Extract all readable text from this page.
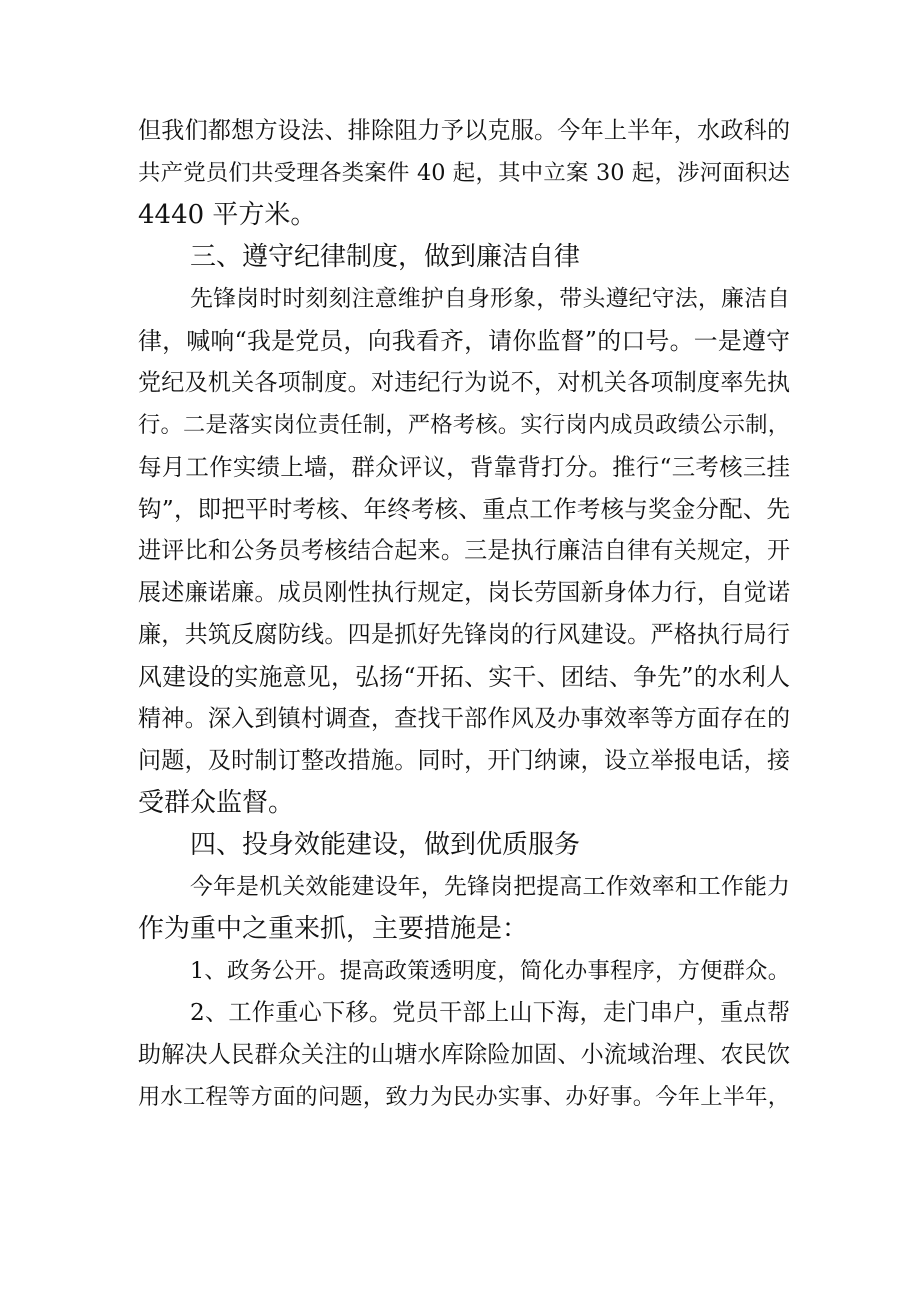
但我们都想方设法、排除阻力予以克服。今年上半年，水政科的
共产党员们共受理各类案件 40 起，其中立案 30 起，涉河面积达
4440 平方米。
三、遵守纪律制度，做到廉洁自律
先锋岗时时刻刻注意维护自身形象，带头遵纪守法，廉洁自
律，喊响“我是党员，向我看齐，请你监督”的口号。一是遵守
党纪及机关各项制度。对违纪行为说不，对机关各项制度率先执
行。二是落实岗位责任制，严格考核。实行岗内成员政绩公示制，
每月工作实绩上墙，群众评议，背靠背打分。推行“三考核三挂
钩”，即把平时考核、年终考核、重点工作考核与奖金分配、先
进评比和公务员考核结合起来。三是执行廉洁自律有关规定，开
展述廉诺廉。成员刚性执行规定，岗长劳国新身体力行，自觉诺
廉，共筑反腐防线。四是抓好先锋岗的行风建设。严格执行局行
风建设的实施意见，弘扬“开拓、实干、团结、争先”的水利人
精神。深入到镇村调查，查找干部作风及办事效率等方面存在的
问题，及时制订整改措施。同时，开门纳谏，设立举报电话，接
受群众监督。
四、投身效能建设，做到优质服务
今年是机关效能建设年，先锋岗把提高工作效率和工作能力
作为重中之重来抓，主要措施是：
1、政务公开。提高政策透明度，简化办事程序，方便群众。
2、工作重心下移。党员干部上山下海，走门串户，重点帮
助解决人民群众关注的山塘水库除险加固、小流域治理、农民饮
用水工程等方面的问题，致力为民办实事、办好事。今年上半年，
